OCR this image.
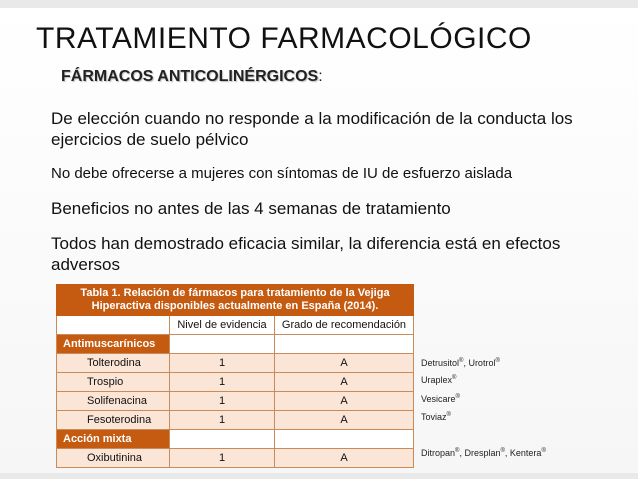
TRATAMIENTO FARMACOLÓGICO
FÁRMACOS ANTICOLINÉRGICOS:
De elección cuando no responde a la modificación de la conducta los ejercicios de suelo pélvico
No debe ofrecerse a mujeres con síntomas de IU de esfuerzo aislada
Beneficios no antes de las 4 semanas de tratamiento
Todos han demostrado eficacia similar, la diferencia está en efectos adversos
Tabla 1. Relación de fármacos para tratamiento de la Vejiga Hiperactiva disponibles actualmente en España (2014).		
	Nivel de evidencia	Grado de recomendación
Antimuscarínicos		
Tolterodina	1	A
Trospio	1	A
Solifenacina	1	A
Fesoterodina	1	A
Acción mixta		
Oxibutinina	1	A
Detrusitol®, Urotrol®
Uraplex®
Vesicare®
Toviaz®
Ditropan®, Dresplan®, Kentera®
